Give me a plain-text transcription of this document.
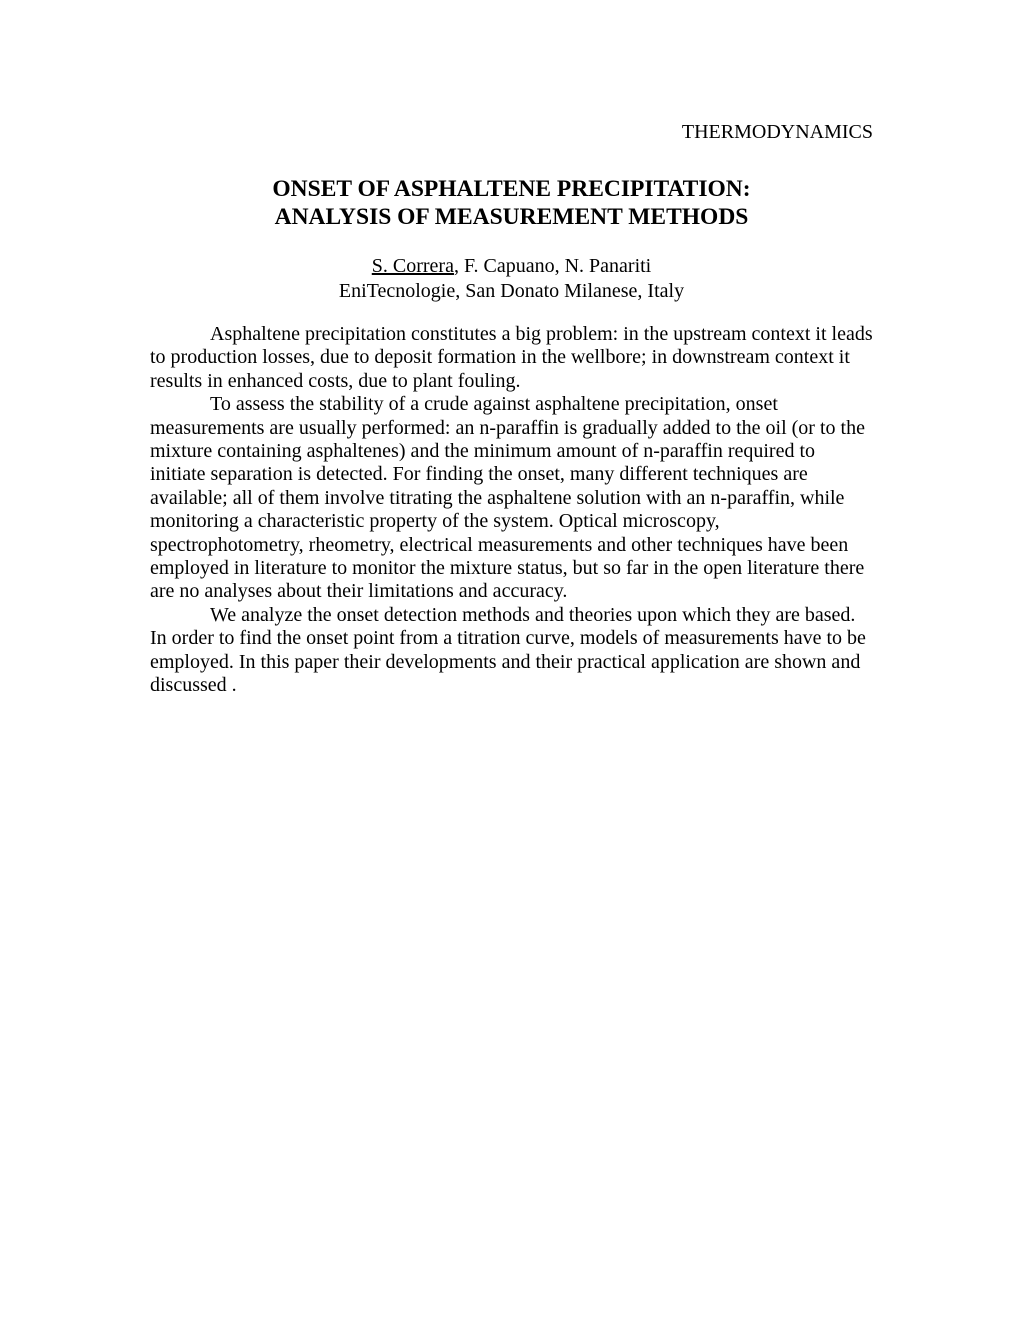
THERMODYNAMICS
ONSET OF ASPHALTENE PRECIPITATION:
ANALYSIS OF MEASUREMENT METHODS

S. Correra, F. Capuano, N. Panariti

EniTecnologie, San Donato Milanese, Italy

Asphaltene precipitation constitutes a big problem: in the upstream context it leads to production losses, due to deposit formation in the wellbore; in downstream context it results in enhanced costs, due to plant fouling.

To assess the stability of a crude against asphaltene precipitation, onset measurements are usually performed: an n-paraffin is gradually added to the oil (or to the mixture containing asphaltenes) and the minimum amount of n-paraffin required to initiate separation is detected. For finding the onset, many different techniques are available; all of them involve titrating the asphaltene solution with an n-paraffin, while monitoring a characteristic property of the system. Optical microscopy, spectrophotometry, rheometry, electrical measurements and other techniques have been employed in literature to monitor the mixture status, but so far in the open literature there are no analyses about their limitations and accuracy.

We analyze the onset detection methods and theories upon which they are based. In order to find the onset point from a titration curve, models of measurements have to be employed. In this paper their developments and their practical application are shown and discussed .
